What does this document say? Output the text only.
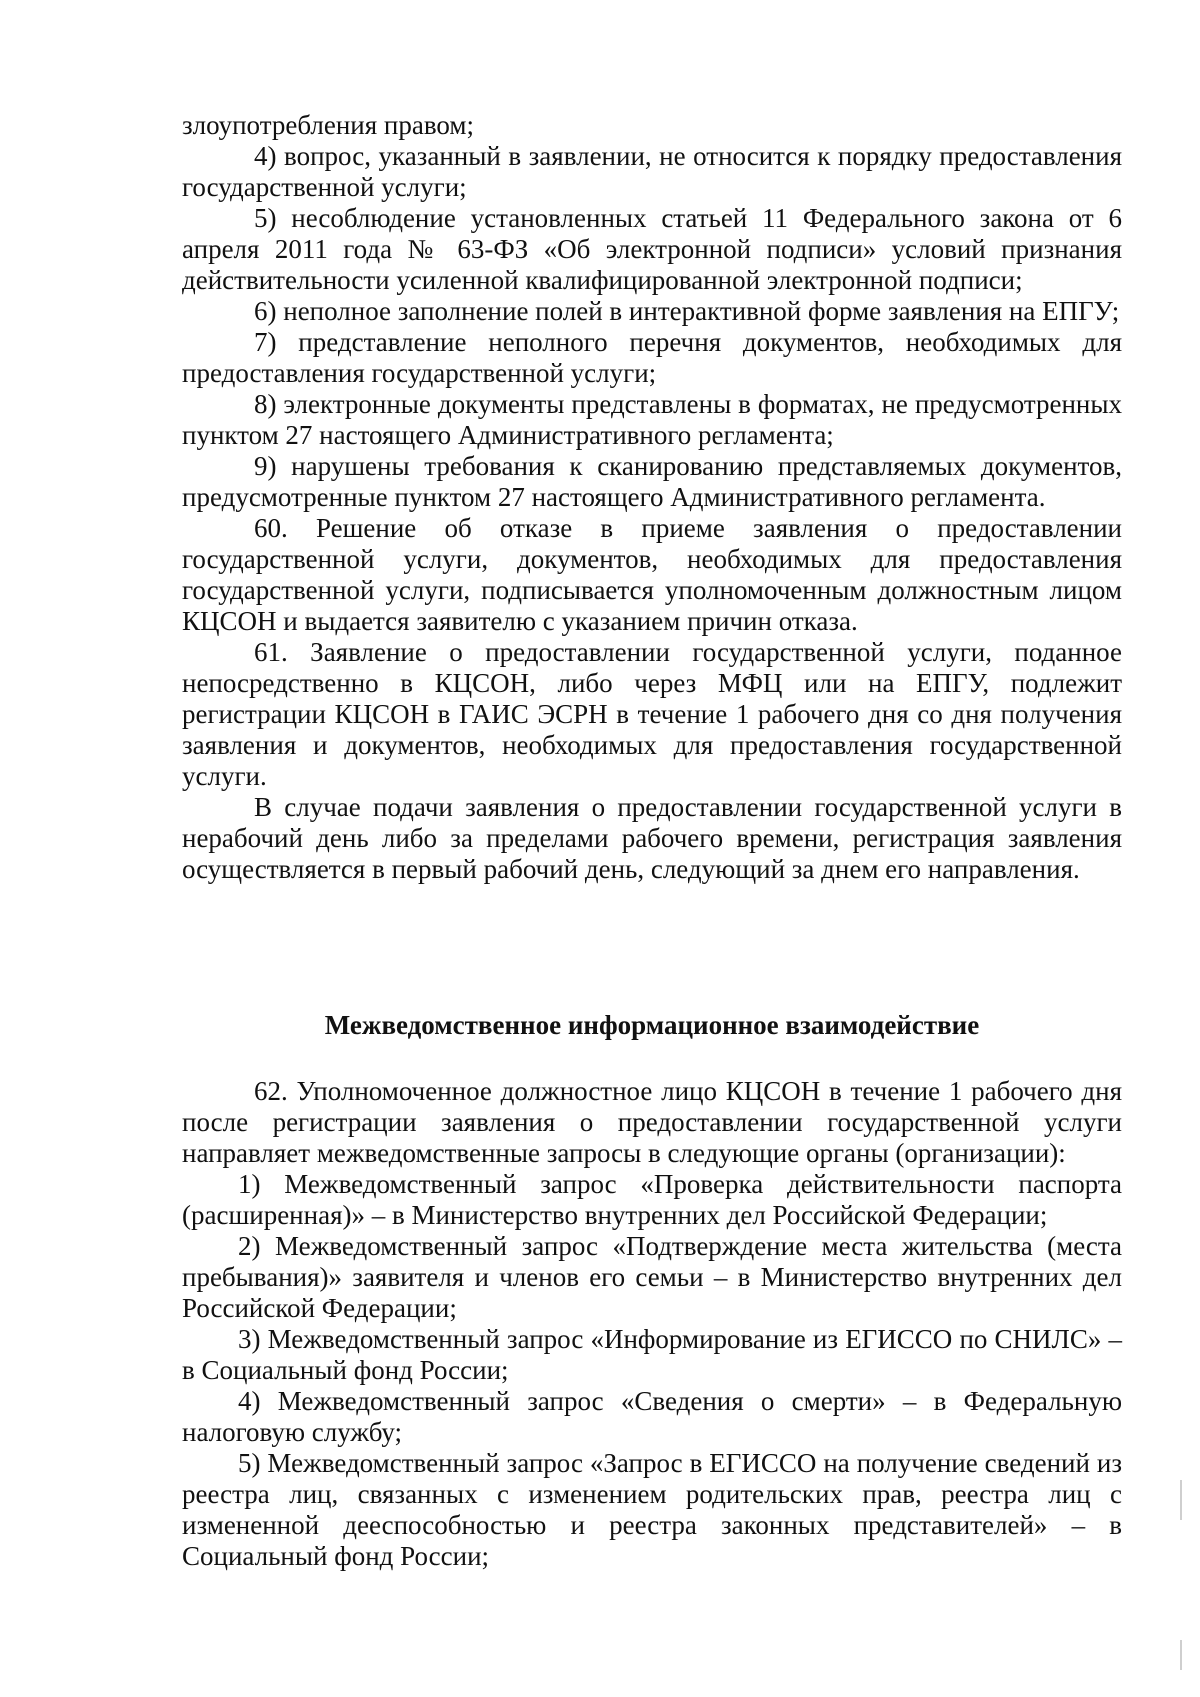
злоупотребления правом;

4) вопрос, указанный в заявлении, не относится к порядку предоставления государственной услуги;

5) несоблюдение установленных статьей 11 Федерального закона от 6 апреля 2011 года № 63-ФЗ «Об электронной подписи» условий признания действительности усиленной квалифицированной электронной подписи;

6) неполное заполнение полей в интерактивной форме заявления на ЕПГУ;

7) представление неполного перечня документов, необходимых для предоставления государственной услуги;

8) электронные документы представлены в форматах, не предусмотренных пунктом 27 настоящего Административного регламента;

9) нарушены требования к сканированию представляемых документов, предусмотренные пунктом 27 настоящего Административного регламента.

60. Решение об отказе в приеме заявления о предоставлении государственной услуги, документов, необходимых для предоставления государственной услуги, подписывается уполномоченным должностным лицом КЦСОН и выдается заявителю с указанием причин отказа.

61. Заявление о предоставлении государственной услуги, поданное непосредственно в КЦСОН, либо через МФЦ или на ЕПГУ, подлежит регистрации КЦСОН в ГАИС ЭСРН в течение 1 рабочего дня со дня получения заявления и документов, необходимых для предоставления государственной услуги.

В случае подачи заявления о предоставлении государственной услуги в нерабочий день либо за пределами рабочего времени, регистрация заявления осуществляется в первый рабочий день, следующий за днем его направления.

Межведомственное информационное взаимодействие

62. Уполномоченное должностное лицо КЦСОН в течение 1 рабочего дня после регистрации заявления о предоставлении государственной услуги направляет межведомственные запросы в следующие органы (организации):

1) Межведомственный запрос «Проверка действительности паспорта (расширенная)» – в Министерство внутренних дел Российской Федерации;

2) Межведомственный запрос «Подтверждение места жительства (места пребывания)» заявителя и членов его семьи – в Министерство внутренних дел Российской Федерации;

3) Межведомственный запрос «Информирование из ЕГИССО по СНИЛС» – в Социальный фонд России;

4) Межведомственный запрос «Сведения о смерти» – в Федеральную налоговую службу;

5) Межведомственный запрос «Запрос в ЕГИССО на получение сведений из реестра лиц, связанных с изменением родительских прав, реестра лиц с измененной дееспособностью и реестра законных представителей» – в Социальный фонд России;
